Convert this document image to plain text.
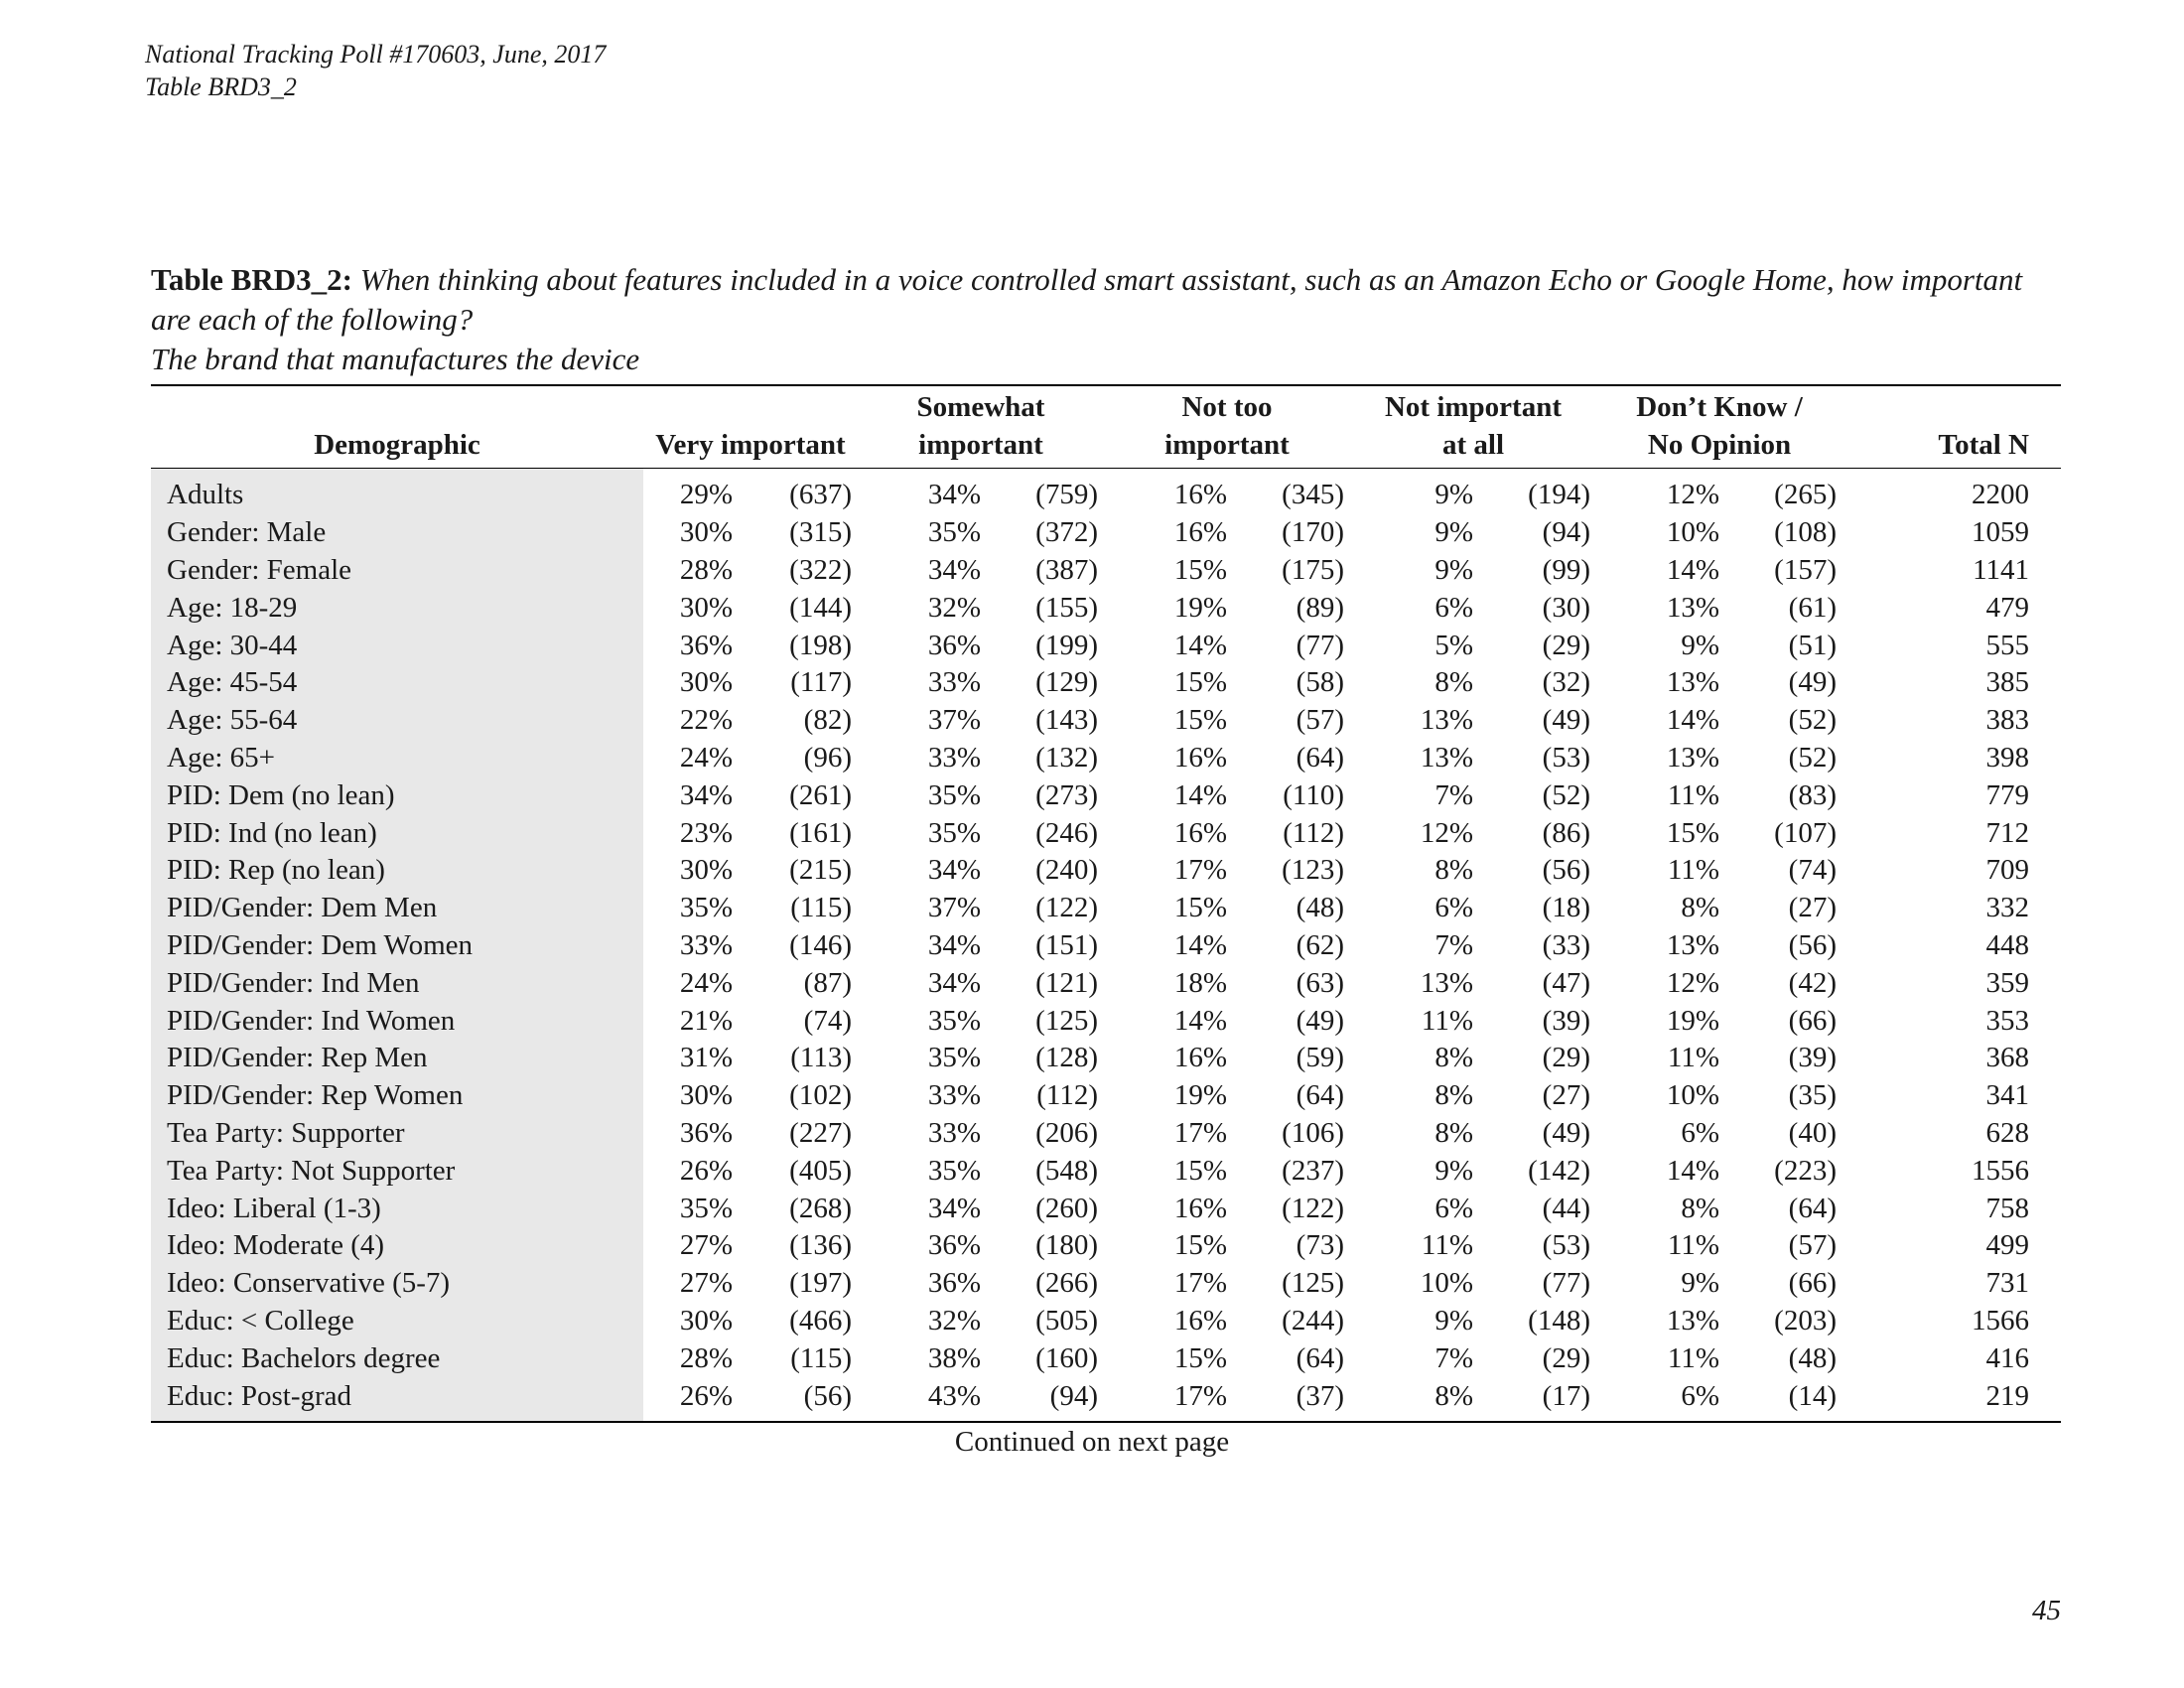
National Tracking Poll #170603, June, 2017
Table BRD3_2
Table BRD3_2: When thinking about features included in a voice controlled smart assistant, such as an Amazon Echo or Google Home, how important are each of the following?
The brand that manufactures the device

			Somewhat		Not too		Not important		Don’t Know /		
Demographic	Very important		important		important		at all		No Opinion		Total N
Adults	29%	(637)	34%	(759)	16%	(345)	9%	(194)	12%	(265)	2200
Gender: Male	30%	(315)	35%	(372)	16%	(170)	9%	(94)	10%	(108)	1059
Gender: Female	28%	(322)	34%	(387)	15%	(175)	9%	(99)	14%	(157)	1141
Age: 18-29	30%	(144)	32%	(155)	19%	(89)	6%	(30)	13%	(61)	479
Age: 30-44	36%	(198)	36%	(199)	14%	(77)	5%	(29)	9%	(51)	555
Age: 45-54	30%	(117)	33%	(129)	15%	(58)	8%	(32)	13%	(49)	385
Age: 55-64	22%	(82)	37%	(143)	15%	(57)	13%	(49)	14%	(52)	383
Age: 65+	24%	(96)	33%	(132)	16%	(64)	13%	(53)	13%	(52)	398
PID: Dem (no lean)	34%	(261)	35%	(273)	14%	(110)	7%	(52)	11%	(83)	779
PID: Ind (no lean)	23%	(161)	35%	(246)	16%	(112)	12%	(86)	15%	(107)	712
PID: Rep (no lean)	30%	(215)	34%	(240)	17%	(123)	8%	(56)	11%	(74)	709
PID/Gender: Dem Men	35%	(115)	37%	(122)	15%	(48)	6%	(18)	8%	(27)	332
PID/Gender: Dem Women	33%	(146)	34%	(151)	14%	(62)	7%	(33)	13%	(56)	448
PID/Gender: Ind Men	24%	(87)	34%	(121)	18%	(63)	13%	(47)	12%	(42)	359
PID/Gender: Ind Women	21%	(74)	35%	(125)	14%	(49)	11%	(39)	19%	(66)	353
PID/Gender: Rep Men	31%	(113)	35%	(128)	16%	(59)	8%	(29)	11%	(39)	368
PID/Gender: Rep Women	30%	(102)	33%	(112)	19%	(64)	8%	(27)	10%	(35)	341
Tea Party: Supporter	36%	(227)	33%	(206)	17%	(106)	8%	(49)	6%	(40)	628
Tea Party: Not Supporter	26%	(405)	35%	(548)	15%	(237)	9%	(142)	14%	(223)	1556
Ideo: Liberal (1-3)	35%	(268)	34%	(260)	16%	(122)	6%	(44)	8%	(64)	758
Ideo: Moderate (4)	27%	(136)	36%	(180)	15%	(73)	11%	(53)	11%	(57)	499
Ideo: Conservative (5-7)	27%	(197)	36%	(266)	17%	(125)	10%	(77)	9%	(66)	731
Educ: < College	30%	(466)	32%	(505)	16%	(244)	9%	(148)	13%	(203)	1566
Educ: Bachelors degree	28%	(115)	38%	(160)	15%	(64)	7%	(29)	11%	(48)	416
Educ: Post-grad	26%	(56)	43%	(94)	17%	(37)	8%	(17)	6%	(14)	219
Continued on next page
45
